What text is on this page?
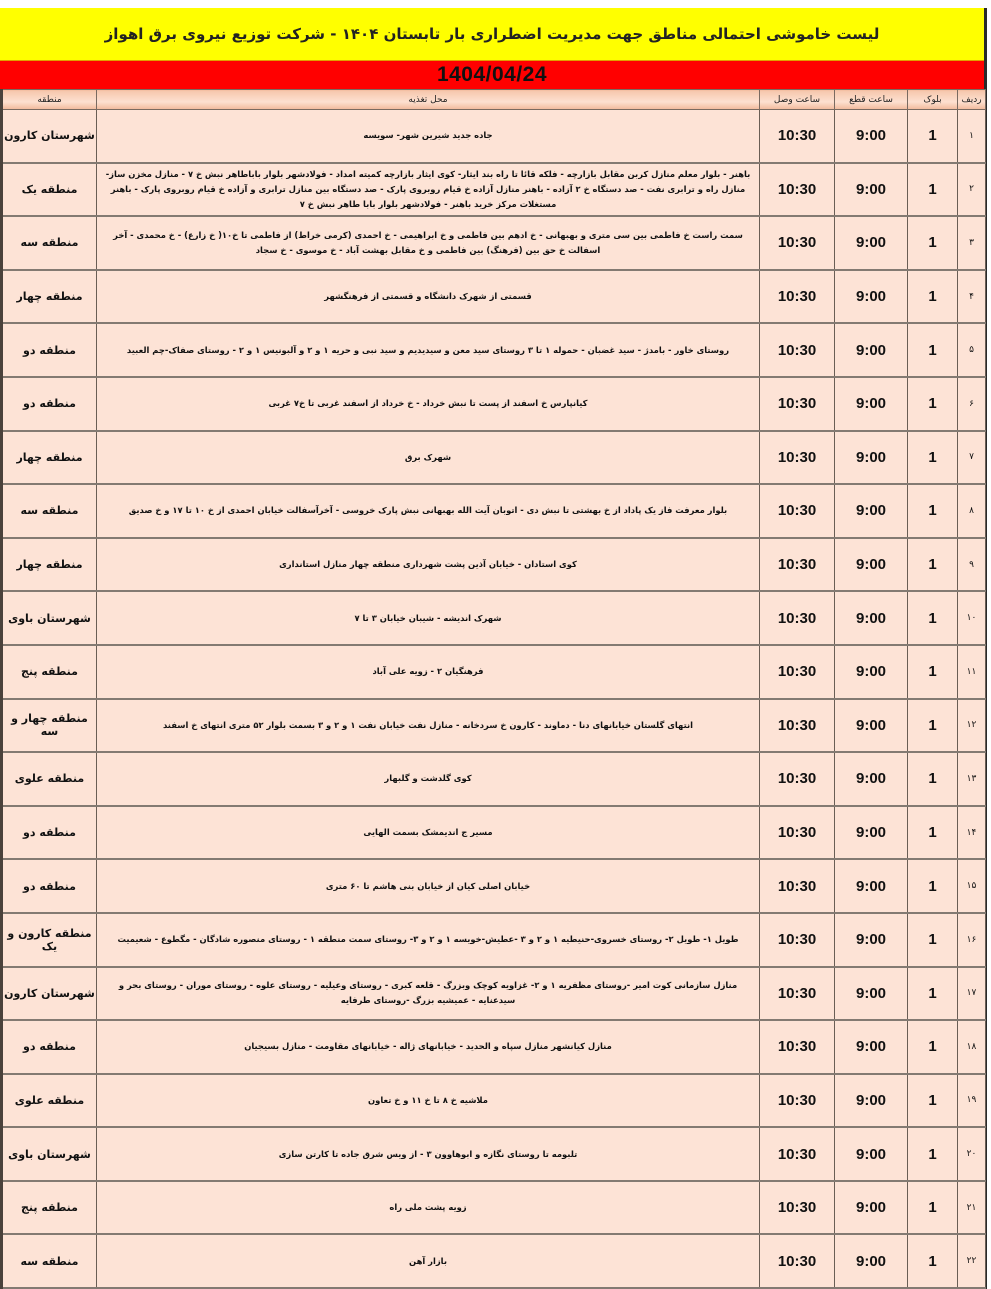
لیست خاموشی احتمالی مناطق جهت مدیریت اضطراری بار تابستان ۱۴۰۴ - شرکت توزیع نیروی برق اهواز
1404/04/24
ردیف	بلوک	ساعت قطع	ساعت وصل	محل تغذیه	منطقه
۱	1	9:00	10:30	جاده جدید شیرین شهر- سویسه	شهرستان کارون
۲	1	9:00	10:30	باهنر - بلوار معلم منازل کربن مقابل بازارچه - فلکه قائا تا راه بند ایثار- کوی ایثار بازارچه کمیته امداد - فولادشهر بلوار باباطاهر نبش خ ۷ - منازل مخزن ساز-منازل راه و ترابری نفت - صد دستگاه خ ۲ آزاده - باهنر منازل آزاده خ قیام روبروی پارک - صد دستگاه بین منازل ترابری و آزاده خ قیام روبروی پارک - باهنر مستغلات مرکز خرید باهنر - فولادشهر بلوار بابا طاهر نبش خ ۷	منطقه یک
۳	1	9:00	10:30	سمت راست خ فاطمی بین سی متری و بهبهانی - خ ادهم بین فاطمی و خ ابراهیمی - خ احمدی (کرمی خراط) از فاطمی تا خ۱۰( خ زارع) - خ محمدی - آخر اسفالت خ حق بین (فرهنگ) بین فاطمی و خ مقابل بهشت آباد - خ موسوی - خ سجاد	منطقه سه
۴	1	9:00	10:30	قسمتی از شهرک دانشگاه و قسمتی از فرهنگشهر	منطقه چهار
۵	1	9:00	10:30	روستای خاور - بامدژ - سید غضبان - حموله ۱ تا ۳ روستای سید معن و سیدیدیم و سید نبی و حریه ۱ و ۲ و آلبونیس ۱ و ۲ - روستای صفاک-چم العبید	منطقه دو
۶	1	9:00	10:30	کیانپارس خ اسفند از پست تا نبش خرداد - خ خرداد از اسفند غربی تا خ۷ غربی	منطقه دو
۷	1	9:00	10:30	شهرک برق	منطقه چهار
۸	1	9:00	10:30	بلوار معرفت فاز یک پاداد از خ بهشتی تا نبش دی - اتوبان آیت الله بهبهانی نبش پارک خروسی - آخرآسفالت خیابان احمدی از خ ۱۰ تا ۱۷ و خ صدیق	منطقه سه
۹	1	9:00	10:30	کوی استادان - خیابان آذین پشت شهرداری منطقه چهار منازل استانداری	منطقه چهار
۱۰	1	9:00	10:30	شهرک اندیشه - شیبان خیابان ۳ تا ۷	شهرستان باوی
۱۱	1	9:00	10:30	فرهنگیان ۲ - زویه علی آباد	منطقه پنج
۱۲	1	9:00	10:30	انتهای گلستان خیابانهای دنا - دماوند - کارون خ سردخانه - منازل نفت خیابان نفت ۱ و ۲ و ۳ بسمت بلوار ۵۲ متری انتهای خ اسفند	منطقه چهار و سه
۱۳	1	9:00	10:30	کوی گلدشت و گلبهار	منطقه علوی
۱۴	1	9:00	10:30	مسیر ج اندیمشک بسمت الهایی	منطقه دو
۱۵	1	9:00	10:30	خیابان اصلی کیان از خیابان بنی هاشم تا ۶۰ متری	منطقه دو
۱۶	1	9:00	10:30	طویل ۱- طویل ۲- روستای خسروی-حنیطیه ۱ و ۲ و ۳ -عطیش-خویسه ۱ و ۲ و ۳- روستای سمت منطقه ۱ - روستای منصوره شادگان - مگطوع - شعیمیت	منطقه کارون و یک
۱۷	1	9:00	10:30	منازل سازمانی کوت امیر -روستای مظفریه ۱ و ۲- غزاویه کوچک وبزرگ - قلعه کبری - روستای وعیلیه - روستای علوه - روستای موران - روستای بحر و سیدعنایه - عمیشیه بزرگ -روستای طرفایه	شهرستان کارون
۱۸	1	9:00	10:30	منازل کیانشهر منازل سپاه و الحدید - خیابانهای ژاله - خیابانهای مقاومت - منازل بسیجیان	منطقه دو
۱۹	1	9:00	10:30	ملاشیه خ ۸ تا خ ۱۱ و خ تعاون	منطقه علوی
۲۰	1	9:00	10:30	تلبومه تا روستای نگازه و ابوهاوون ۳ - از ویس شرق جاده تا کارتن سازی	شهرستان باوی
۲۱	1	9:00	10:30	زویه پشت ملی راه	منطقه پنج
۲۲	1	9:00	10:30	بازار آهن	منطقه سه
